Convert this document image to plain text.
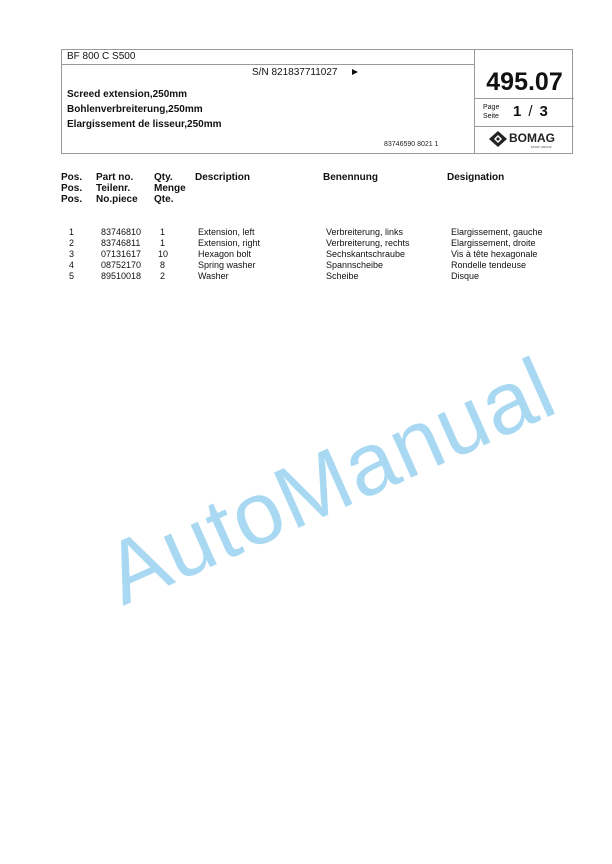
BF 800 C S500
S/N 821837711027
Screed extension,250mm
Bohlenverbreiterung,250mm
Elargissement de lisseur,250mm
83746590 8021 1
495.07
Page
Seite 1 / 3
BOMAG
FAYAT GROUP
Pos.
Pos.
Pos.
Part no.
Teilenr.
No.piece
Qty.
Menge
Qte.
Description	Benennung	Designation
1	83746810 1	Extension, left	Verbreiterung, links	Elargissement, gauche
2	83746811 1	Extension, right	Verbreiterung, rechts	Elargissement, droite
3	07131617 10	Hexagon bolt	Sechskantschraube	Vis à tête hexagonale
4	08752170 8	Spring washer	Spannscheibe	Rondelle tendeuse
5	89510018 2	Washer	Scheibe	Disque
AutoManual
